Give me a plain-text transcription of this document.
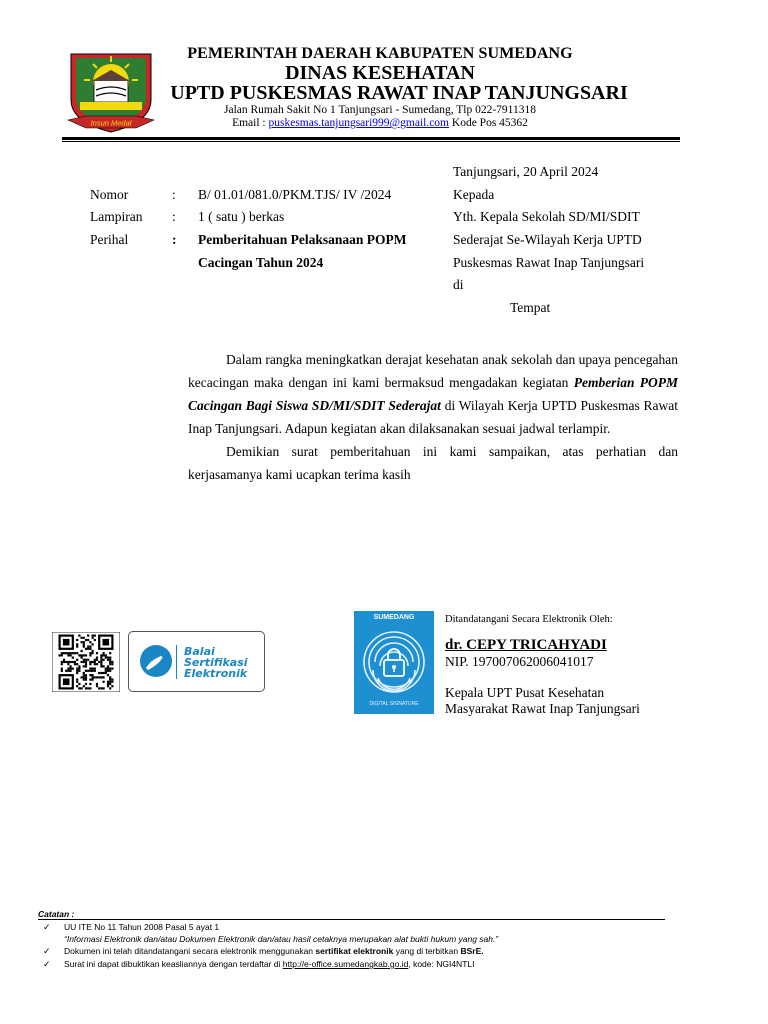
Insun Medal
PEMERINTAH DAERAH KABUPATEN SUMEDANG
DINAS KESEHATAN
UPTD PUSKESMAS RAWAT INAP TANJUNGSARI
Jalan Rumah Sakit No 1 Tanjungsari - Sumedang, Tlp 022-7911318
Email : puskesmas.tanjungsari999@gmail.com Kode Pos 45362
Tanjungsari, 20 April 2024
Nomor	: B/ 01.01/081.0/PKM.TJS/ IV /2024
Lampiran : 1 ( satu ) berkas
Perihal	: Pemberitahuan Pelaksanaan POPM
Cacingan Tahun 2024
Kepada
Yth. Kepala Sekolah SD/MI/SDIT
Sederajat Se-Wilayah Kerja UPTD
Puskesmas Rawat Inap Tanjungsari
di
Tempat

Dalam rangka meningkatkan derajat kesehatan anak sekolah dan upaya pencegahan kecacingan maka dengan ini kami bermaksud mengadakan kegiatan Pemberian POPM Cacingan Bagi Siswa SD/MI/SDIT Sederajat di Wilayah Kerja UPTD Puskesmas Rawat Inap Tanjungsari. Adapun kegiatan akan dilaksanakan sesuai jadwal terlampir.

Demikian surat pemberitahuan ini kami sampaikan, atas perhatian dan kerjasamanya kami ucapkan terima kasih

Balai
Sertifikasi
Elektronik
SUMEDANG
DIGITAL SIGNATURE
Ditandatangani Secara Elektronik Oleh:
dr. CEPY TRICAHYADI
NIP. 197007062006041017
Kepala UPT Pusat Kesehatan
Masyarakat Rawat Inap Tanjungsari
Catatan :
✓ UU ITE No 11 Tahun 2008 Pasal 5 ayat 1
“Informasi Elektronik dan/atau Dokumen Elektronik dan/atau hasil cetaknya merupakan alat bukti hukum yang sah.”
✓ Dokumen ini telah ditandatangani secara elektronik menggunakan sertifikat elektronik yang di terbitkan BSrE.
✓ Surat ini dapat dibuktikan keasliannya dengan terdaftar di http://e-office.sumedangkab.go.id, kode: NGI4NTLI
